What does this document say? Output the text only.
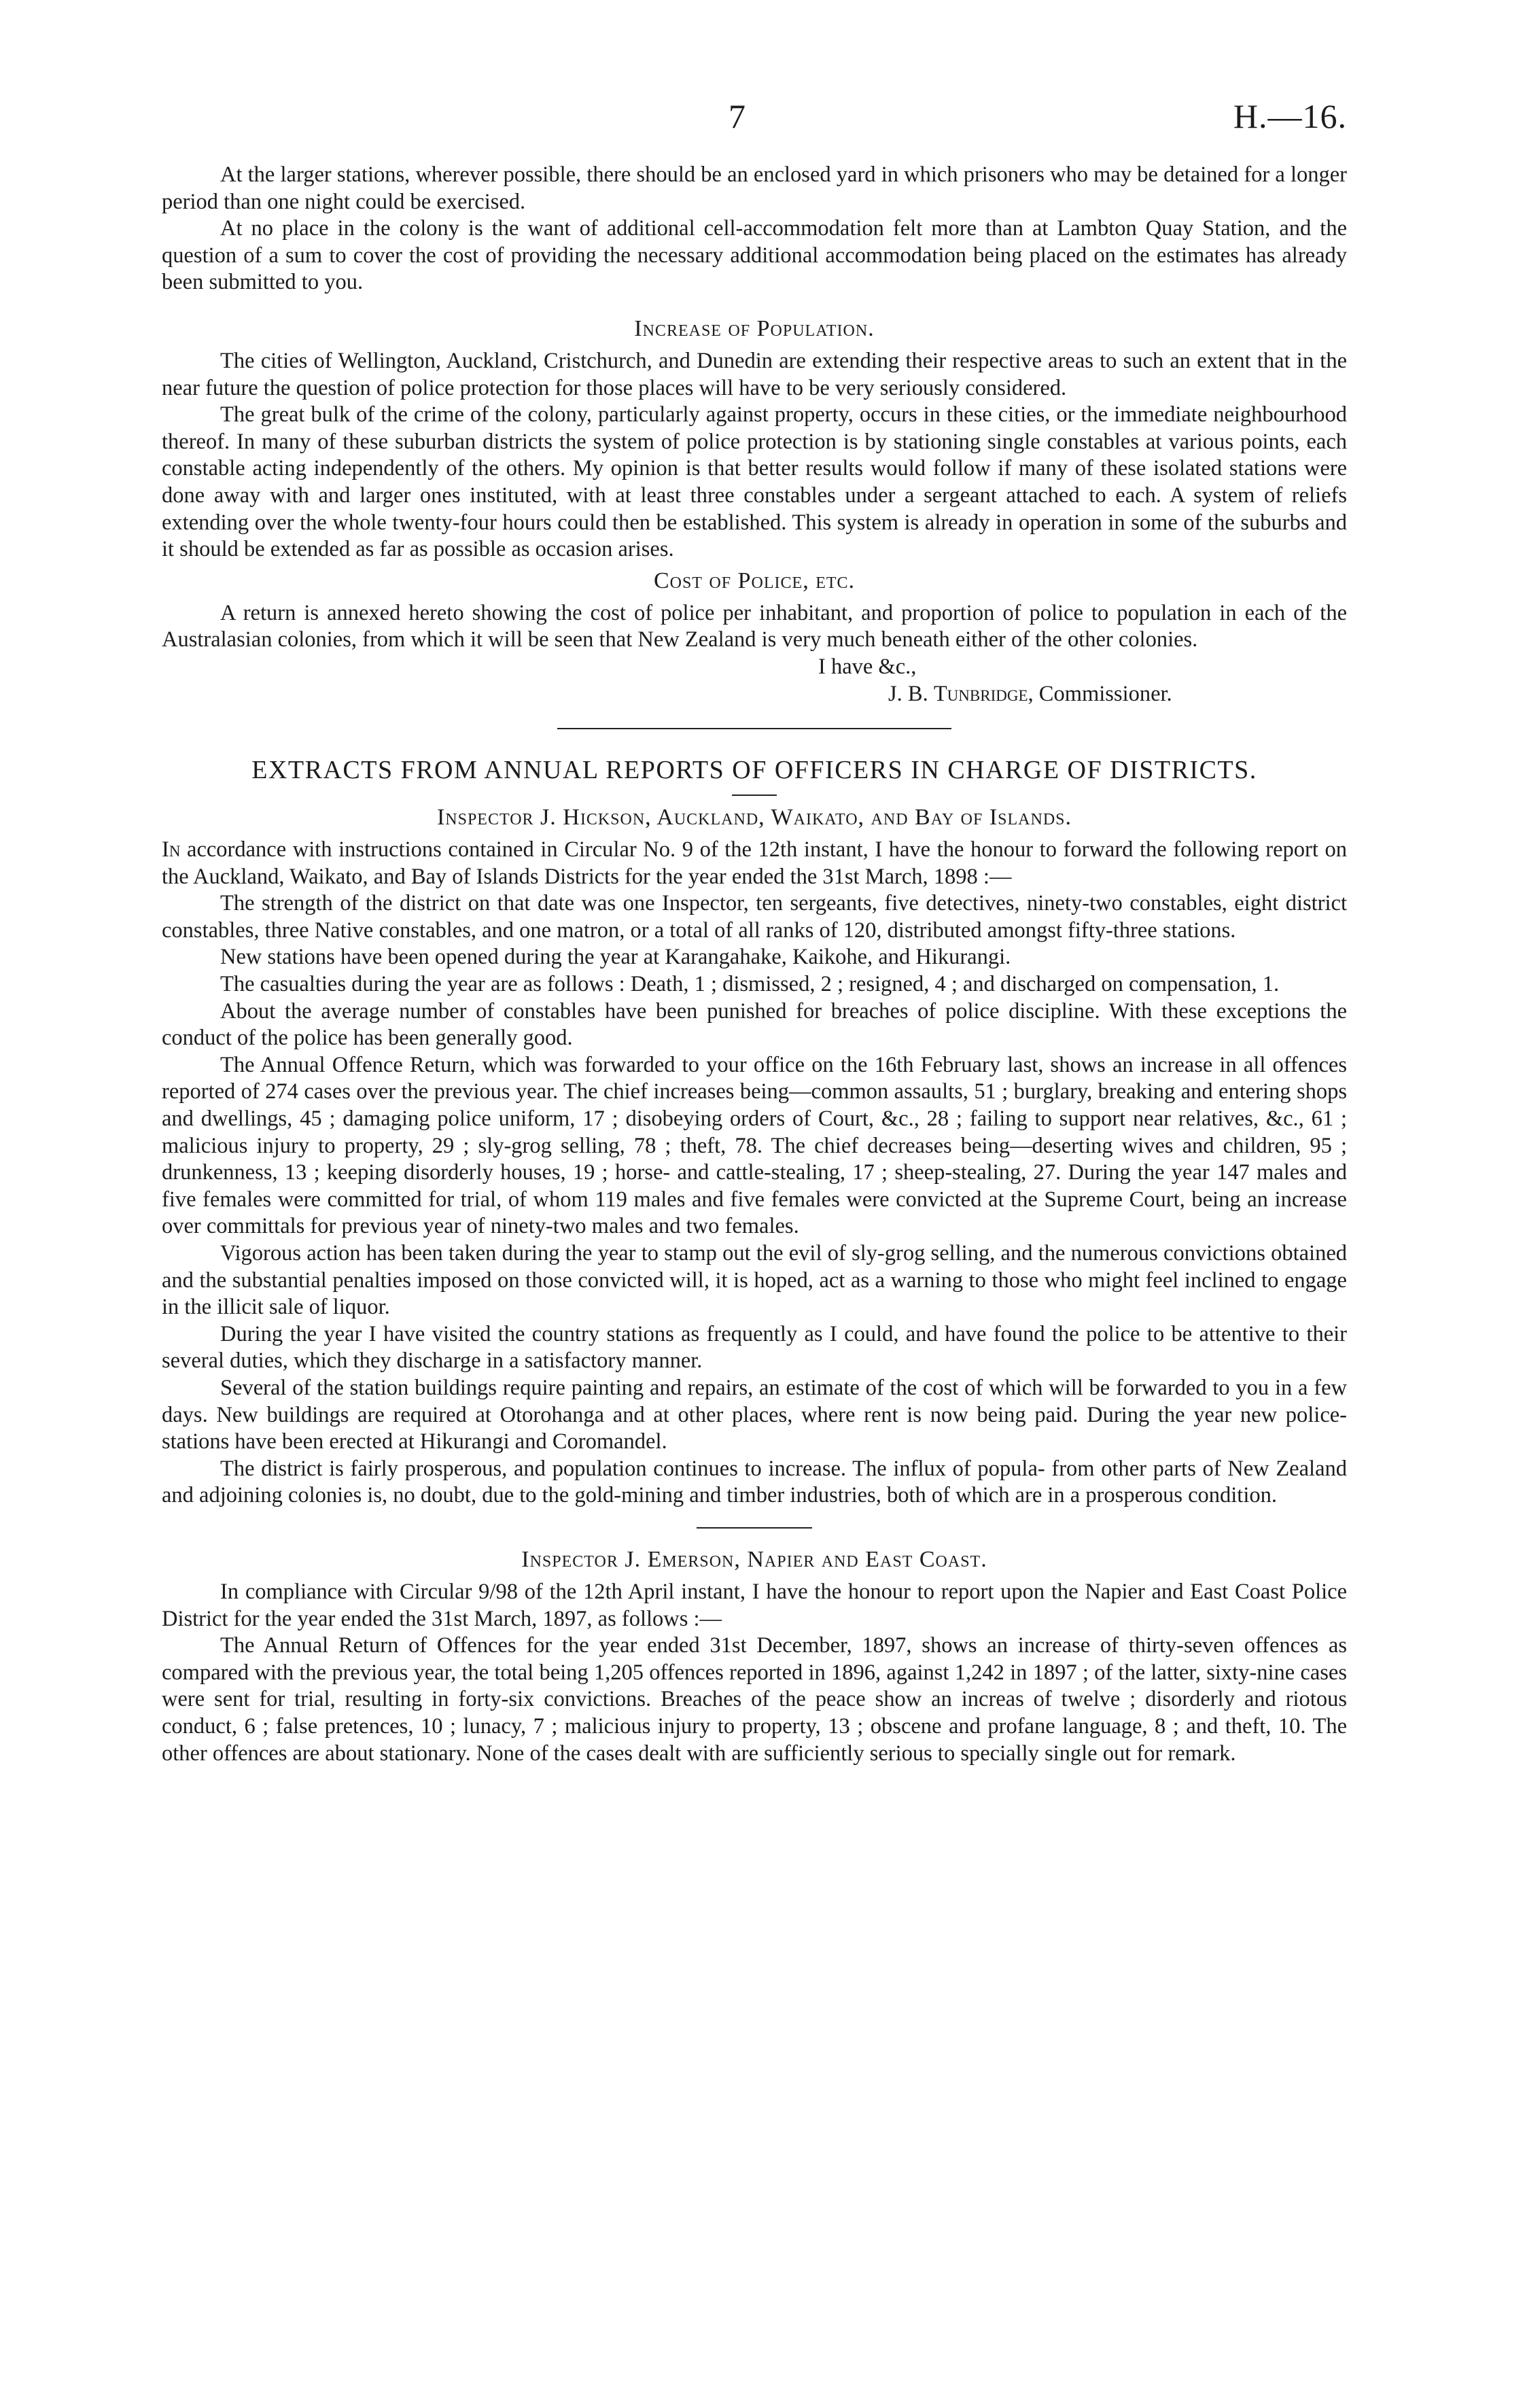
7	H.—16.

At the larger stations, wherever possible, there should be an enclosed yard in which prisoners who may be detained for a longer period than one night could be exercised.

At no place in the colony is the want of additional cell-accommodation felt more than at Lambton Quay Station, and the question of a sum to cover the cost of providing the necessary additional accommodation being placed on the estimates has already been submitted to you.

Increase of Population.

The cities of Wellington, Auckland, Cristchurch, and Dunedin are extending their respective areas to such an extent that in the near future the question of police protection for those places will have to be very seriously considered.

The great bulk of the crime of the colony, particularly against property, occurs in these cities, or the immediate neighbourhood thereof. In many of these suburban districts the system of police protection is by stationing single constables at various points, each constable acting independently of the others. My opinion is that better results would follow if many of these isolated stations were done away with and larger ones instituted, with at least three constables under a sergeant attached to each. A system of reliefs extending over the whole twenty-four hours could then be established. This system is already in operation in some of the suburbs and it should be extended as far as possible as occasion arises.

Cost of Police, etc.

A return is annexed hereto showing the cost of police per inhabitant, and proportion of police to population in each of the Australasian colonies, from which it will be seen that New Zealand is very much beneath either of the other colonies.

I have &c.,

J. B. Tunbridge, Commissioner.

EXTRACTS FROM ANNUAL REPORTS OF OFFICERS IN CHARGE OF DISTRICTS.
Inspector J. Hickson, Auckland, Waikato, and Bay of Islands.

In accordance with instructions contained in Circular No. 9 of the 12th instant, I have the honour to forward the following report on the Auckland, Waikato, and Bay of Islands Districts for the year ended the 31st March, 1898 :—

The strength of the district on that date was one Inspector, ten sergeants, five detectives, ninety-two constables, eight district constables, three Native constables, and one matron, or a total of all ranks of 120, distributed amongst fifty-three stations.

New stations have been opened during the year at Karangahake, Kaikohe, and Hikurangi.

The casualties during the year are as follows : Death, 1 ; dismissed, 2 ; resigned, 4 ; and discharged on compensation, 1.

About the average number of constables have been punished for breaches of police discipline. With these exceptions the conduct of the police has been generally good.

The Annual Offence Return, which was forwarded to your office on the 16th February last, shows an increase in all offences reported of 274 cases over the previous year. The chief increases being—common assaults, 51 ; burglary, breaking and entering shops and dwellings, 45 ; damaging police uniform, 17 ; disobeying orders of Court, &c., 28 ; failing to support near relatives, &c., 61 ; malicious injury to property, 29 ; sly-grog selling, 78 ; theft, 78. The chief decreases being—deserting wives and children, 95 ; drunkenness, 13 ; keeping disorderly houses, 19 ; horse- and cattle-stealing, 17 ; sheep-stealing, 27. During the year 147 males and five females were committed for trial, of whom 119 males and five females were convicted at the Supreme Court, being an increase over committals for previous year of ninety-two males and two females.

Vigorous action has been taken during the year to stamp out the evil of sly-grog selling, and the numerous convictions obtained and the substantial penalties imposed on those convicted will, it is hoped, act as a warning to those who might feel inclined to engage in the illicit sale of liquor.

During the year I have visited the country stations as frequently as I could, and have found the police to be attentive to their several duties, which they discharge in a satisfactory manner.

Several of the station buildings require painting and repairs, an estimate of the cost of which will be forwarded to you in a few days. New buildings are required at Otorohanga and at other places, where rent is now being paid. During the year new police-stations have been erected at Hikurangi and Coromandel.

The district is fairly prosperous, and population continues to increase. The influx of popula- from other parts of New Zealand and adjoining colonies is, no doubt, due to the gold-mining and timber industries, both of which are in a prosperous condition.

Inspector J. Emerson, Napier and East Coast.

In compliance with Circular 9/98 of the 12th April instant, I have the honour to report upon the Napier and East Coast Police District for the year ended the 31st March, 1897, as follows :—

The Annual Return of Offences for the year ended 31st December, 1897, shows an increase of thirty-seven offences as compared with the previous year, the total being 1,205 offences reported in 1896, against 1,242 in 1897 ; of the latter, sixty-nine cases were sent for trial, resulting in forty-six convictions. Breaches of the peace show an increas of twelve ; disorderly and riotous conduct, 6 ; false pretences, 10 ; lunacy, 7 ; malicious injury to property, 13 ; obscene and profane language, 8 ; and theft, 10. The other offences are about stationary. None of the cases dealt with are sufficiently serious to specially single out for remark.
